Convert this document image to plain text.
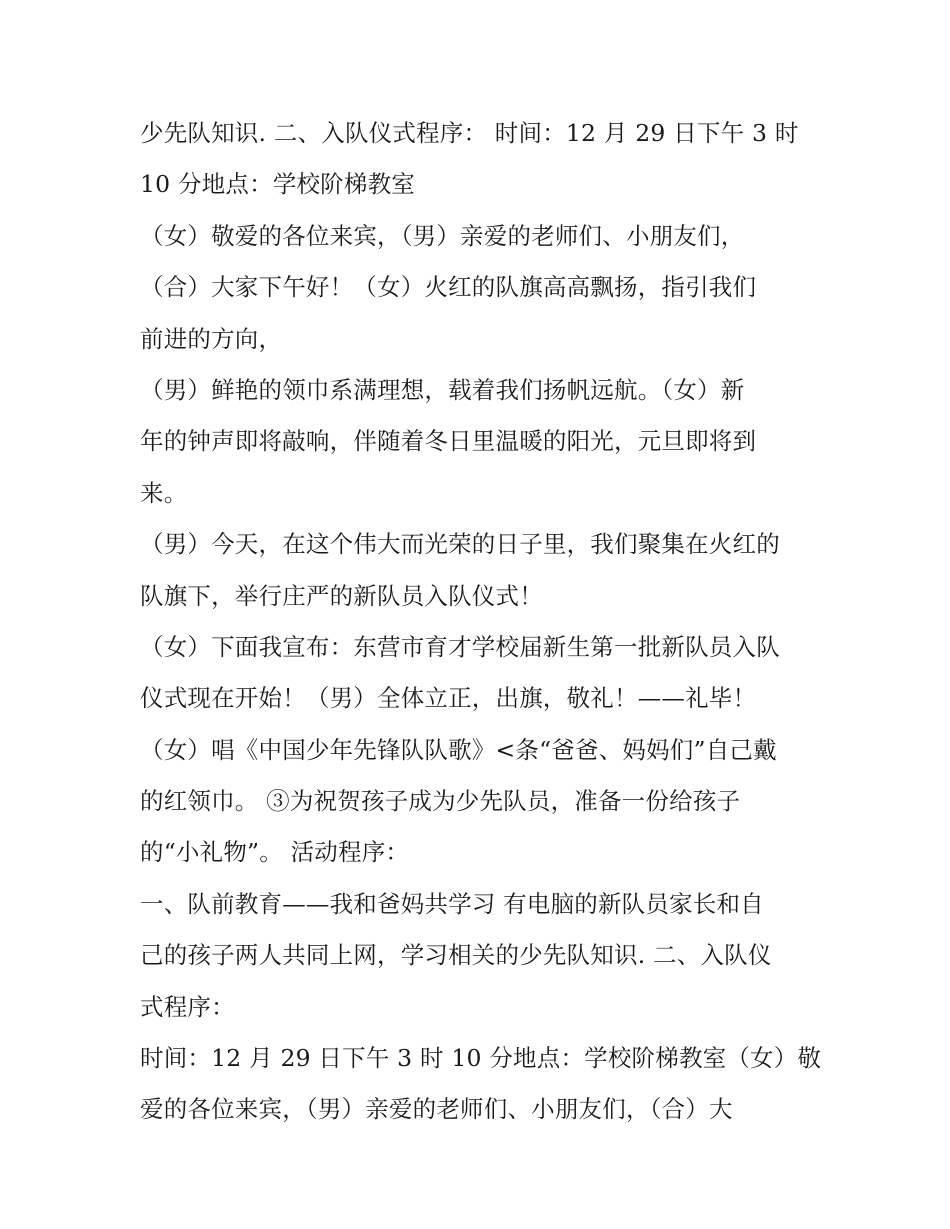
少先队知识. 二、入队仪式程序： 时间：12 月 29 日下午 3 时
10 分地点：学校阶梯教室
（女）敬爱的各位来宾，（男）亲爱的老师们、小朋友们，
（合）大家下午好！（女）火红的队旗高高飘扬，指引我们
前进的方向，
（男）鲜艳的领巾系满理想，载着我们扬帆远航。（女）新
年的钟声即将敲响，伴随着冬日里温暖的阳光，元旦即将到
来。
（男）今天，在这个伟大而光荣的日子里，我们聚集在火红的
队旗下，举行庄严的新队员入队仪式！
（女）下面我宣布：东营市育才学校届新生第一批新队员入队
仪式现在开始！（男）全体立正，出旗，敬礼！——礼毕！
（女）唱《中国少年先锋队队歌》<条“爸爸、妈妈们”自己戴
的红领巾。 ③为祝贺孩子成为少先队员，准备一份给孩子
的“小礼物”。 活动程序：
一、队前教育——我和爸妈共学习 有电脑的新队员家长和自
己的孩子两人共同上网，学习相关的少先队知识. 二、入队仪
式程序：
时间：12 月 29 日下午 3 时 10 分地点：学校阶梯教室（女）敬
爱的各位来宾，（男）亲爱的老师们、小朋友们，（合）大
